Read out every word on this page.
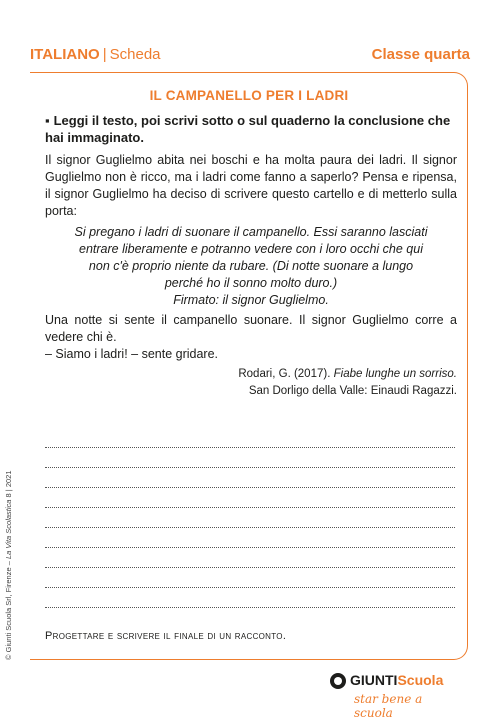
ITALIANO | Scheda	Classe quarta
IL CAMPANELLO PER I LADRI
▪ Leggi il testo, poi scrivi sotto o sul quaderno la conclusione che hai immaginato.
Il signor Guglielmo abita nei boschi e ha molta paura dei ladri. Il signor Guglielmo non è ricco, ma i ladri come fanno a saperlo? Pensa e ripensa, il signor Guglielmo ha deciso di scrivere questo cartello e di metterlo sulla porta:
Si pregano i ladri di suonare il campanello. Essi saranno lasciati
entrare liberamente e potranno vedere con i loro occhi che qui
non c'è proprio niente da rubare. (Di notte suonare a lungo
perché ho il sonno molto duro.)
Firmato: il signor Guglielmo.
Una notte si sente il campanello suonare. Il signor Guglielmo corre a vedere chi è.
– Siamo i ladri! – sente gridare.
Rodari, G. (2017). Fiabe lunghe un sorriso.
San Dorligo della Valle: Einaudi Ragazzi.
Progettare e scrivere il finale di un racconto.
© Giunti Scuola Srl, Firenze – La Vita Scolastica 8 | 2021
GIUNTIScuola
star bene a scuola
